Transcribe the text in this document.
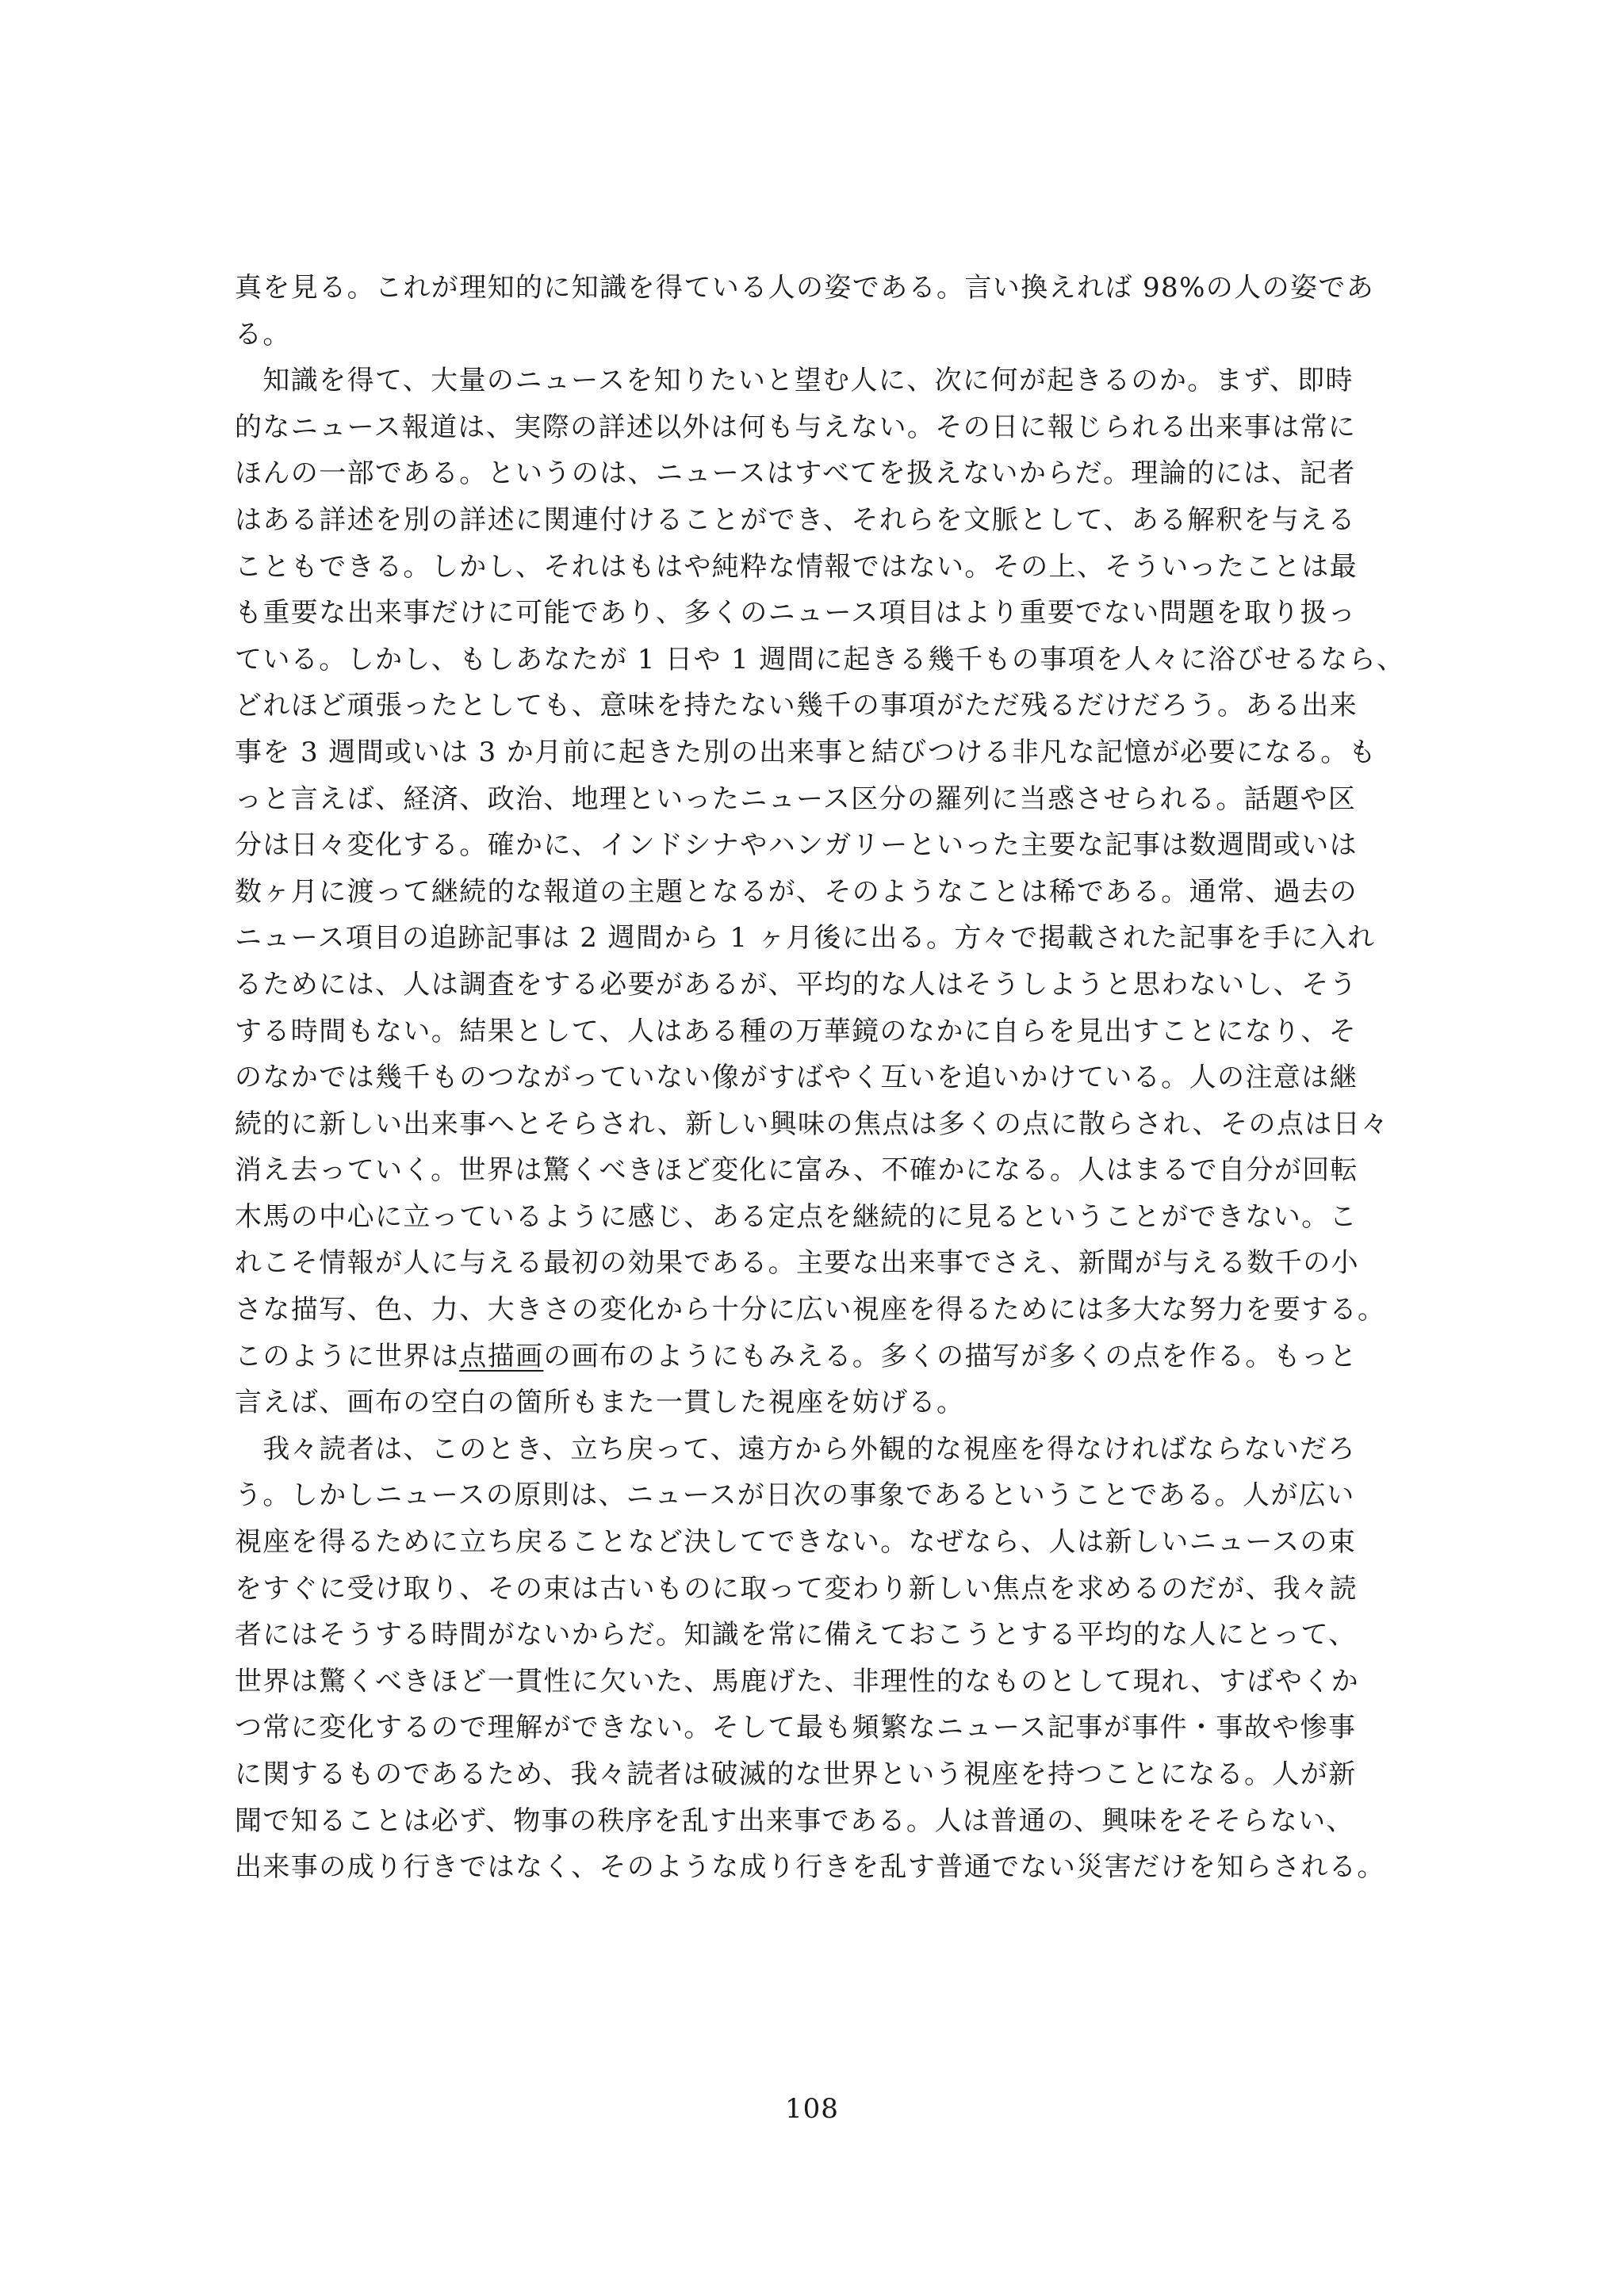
真を見る。これが理知的に知識を得ている人の姿である。言い換えれば 98%の人の姿であ
る。
　知識を得て、大量のニュースを知りたいと望む人に、次に何が起きるのか。まず、即時
的なニュース報道は、実際の詳述以外は何も与えない。その日に報じられる出来事は常に
ほんの一部である。というのは、ニュースはすべてを扱えないからだ。理論的には、記者
はある詳述を別の詳述に関連付けることができ、それらを文脈として、ある解釈を与える
こともできる。しかし、それはもはや純粋な情報ではない。その上、そういったことは最
も重要な出来事だけに可能であり、多くのニュース項目はより重要でない問題を取り扱っ
ている。しかし、もしあなたが 1 日や 1 週間に起きる幾千もの事項を人々に浴びせるなら、
どれほど頑張ったとしても、意味を持たない幾千の事項がただ残るだけだろう。ある出来
事を 3 週間或いは 3 か月前に起きた別の出来事と結びつける非凡な記憶が必要になる。も
っと言えば、経済、政治、地理といったニュース区分の羅列に当惑させられる。話題や区
分は日々変化する。確かに、インドシナやハンガリーといった主要な記事は数週間或いは
数ヶ月に渡って継続的な報道の主題となるが、そのようなことは稀である。通常、過去の
ニュース項目の追跡記事は 2 週間から 1 ヶ月後に出る。方々で掲載された記事を手に入れ
るためには、人は調査をする必要があるが、平均的な人はそうしようと思わないし、そう
する時間もない。結果として、人はある種の万華鏡のなかに自らを見出すことになり、そ
のなかでは幾千ものつながっていない像がすばやく互いを追いかけている。人の注意は継
続的に新しい出来事へとそらされ、新しい興味の焦点は多くの点に散らされ、その点は日々
消え去っていく。世界は驚くべきほど変化に富み、不確かになる。人はまるで自分が回転
木馬の中心に立っているように感じ、ある定点を継続的に見るということができない。こ
れこそ情報が人に与える最初の効果である。主要な出来事でさえ、新聞が与える数千の小
さな描写、色、力、大きさの変化から十分に広い視座を得るためには多大な努力を要する。
このように世界は点描画の画布のようにもみえる。多くの描写が多くの点を作る。もっと
言えば、画布の空白の箇所もまた一貫した視座を妨げる。
　我々読者は、このとき、立ち戻って、遠方から外観的な視座を得なければならないだろ
う。しかしニュースの原則は、ニュースが日次の事象であるということである。人が広い
視座を得るために立ち戻ることなど決してできない。なぜなら、人は新しいニュースの束
をすぐに受け取り、その束は古いものに取って変わり新しい焦点を求めるのだが、我々読
者にはそうする時間がないからだ。知識を常に備えておこうとする平均的な人にとって、
世界は驚くべきほど一貫性に欠いた、馬鹿げた、非理性的なものとして現れ、すばやくか
つ常に変化するので理解ができない。そして最も頻繁なニュース記事が事件・事故や惨事
に関するものであるため、我々読者は破滅的な世界という視座を持つことになる。人が新
聞で知ることは必ず、物事の秩序を乱す出来事である。人は普通の、興味をそそらない、
出来事の成り行きではなく、そのような成り行きを乱す普通でない災害だけを知らされる。
108
